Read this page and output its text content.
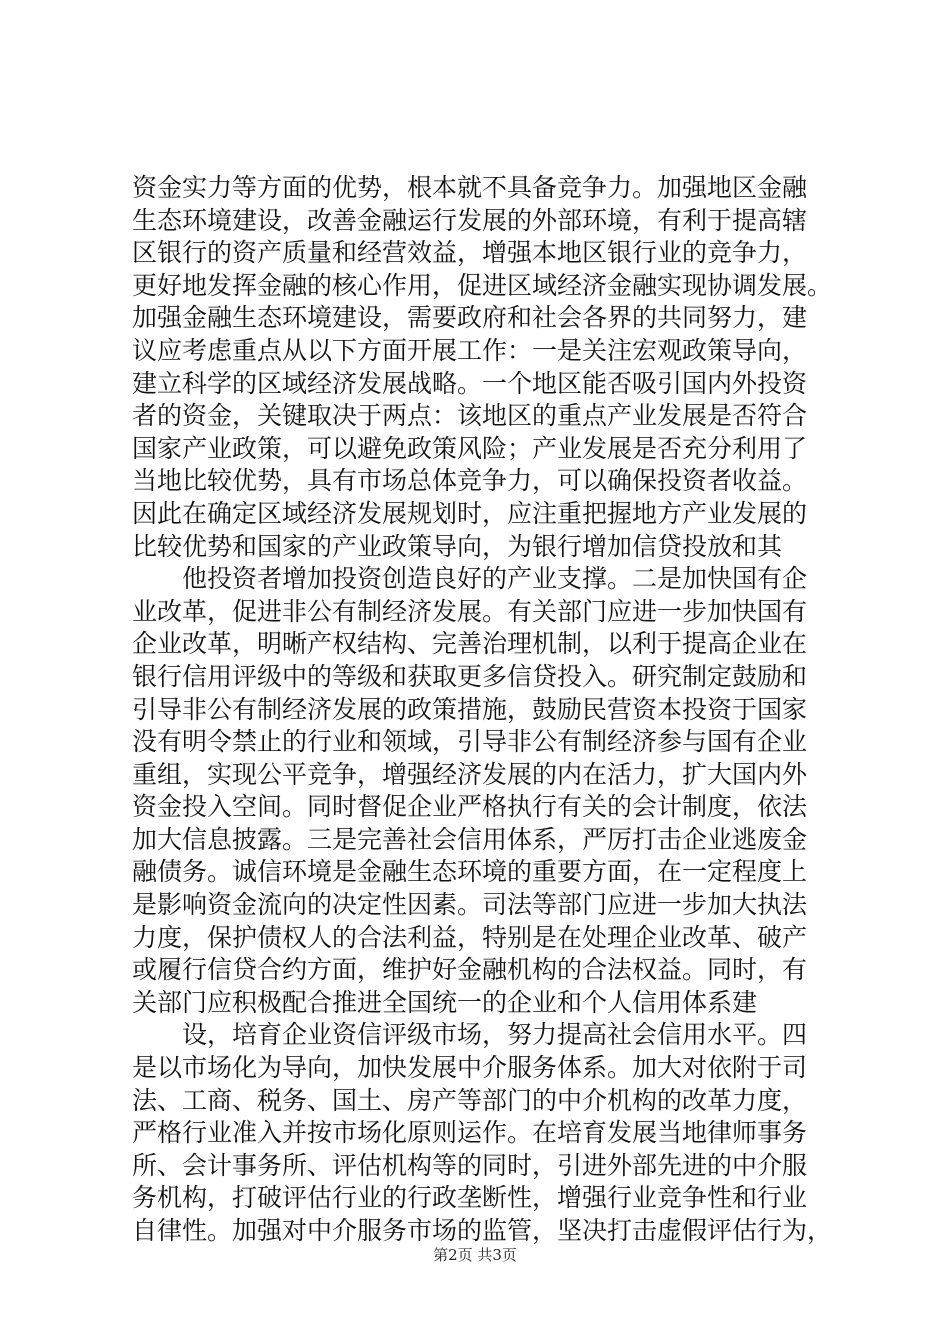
资金实力等方面的优势，根本就不具备竞争力。加强地区金融
生态环境建设，改善金融运行发展的外部环境，有利于提高辖
区银行的资产质量和经营效益，增强本地区银行业的竞争力，
更好地发挥金融的核心作用，促进区域经济金融实现协调发展。
加强金融生态环境建设，需要政府和社会各界的共同努力，建
议应考虑重点从以下方面开展工作：一是关注宏观政策导向，
建立科学的区域经济发展战略。一个地区能否吸引国内外投资
者的资金，关键取决于两点：该地区的重点产业发展是否符合
国家产业政策，可以避免政策风险；产业发展是否充分利用了
当地比较优势，具有市场总体竞争力，可以确保投资者收益。
因此在确定区域经济发展规划时，应注重把握地方产业发展的
比较优势和国家的产业政策导向，为银行增加信贷投放和其
　　他投资者增加投资创造良好的产业支撑。二是加快国有企
业改革，促进非公有制经济发展。有关部门应进一步加快国有
企业改革，明晰产权结构、完善治理机制，以利于提高企业在
银行信用评级中的等级和获取更多信贷投入。研究制定鼓励和
引导非公有制经济发展的政策措施，鼓励民营资本投资于国家
没有明令禁止的行业和领域，引导非公有制经济参与国有企业
重组，实现公平竞争，增强经济发展的内在活力，扩大国内外
资金投入空间。同时督促企业严格执行有关的会计制度，依法
加大信息披露。三是完善社会信用体系，严厉打击企业逃废金
融债务。诚信环境是金融生态环境的重要方面，在一定程度上
是影响资金流向的决定性因素。司法等部门应进一步加大执法
力度，保护债权人的合法利益，特别是在处理企业改革、破产
或履行信贷合约方面，维护好金融机构的合法权益。同时，有
关部门应积极配合推进全国统一的企业和个人信用体系建
　　设，培育企业资信评级市场，努力提高社会信用水平。四
是以市场化为导向，加快发展中介服务体系。加大对依附于司
法、工商、税务、国土、房产等部门的中介机构的改革力度，
严格行业准入并按市场化原则运作。在培育发展当地律师事务
所、会计事务所、评估机构等的同时，引进外部先进的中介服
务机构，打破评估行业的行政垄断性，增强行业竞争性和行业
自律性。加强对中介服务市场的监管，坚决打击虚假评估行为，
第2页 共3页
